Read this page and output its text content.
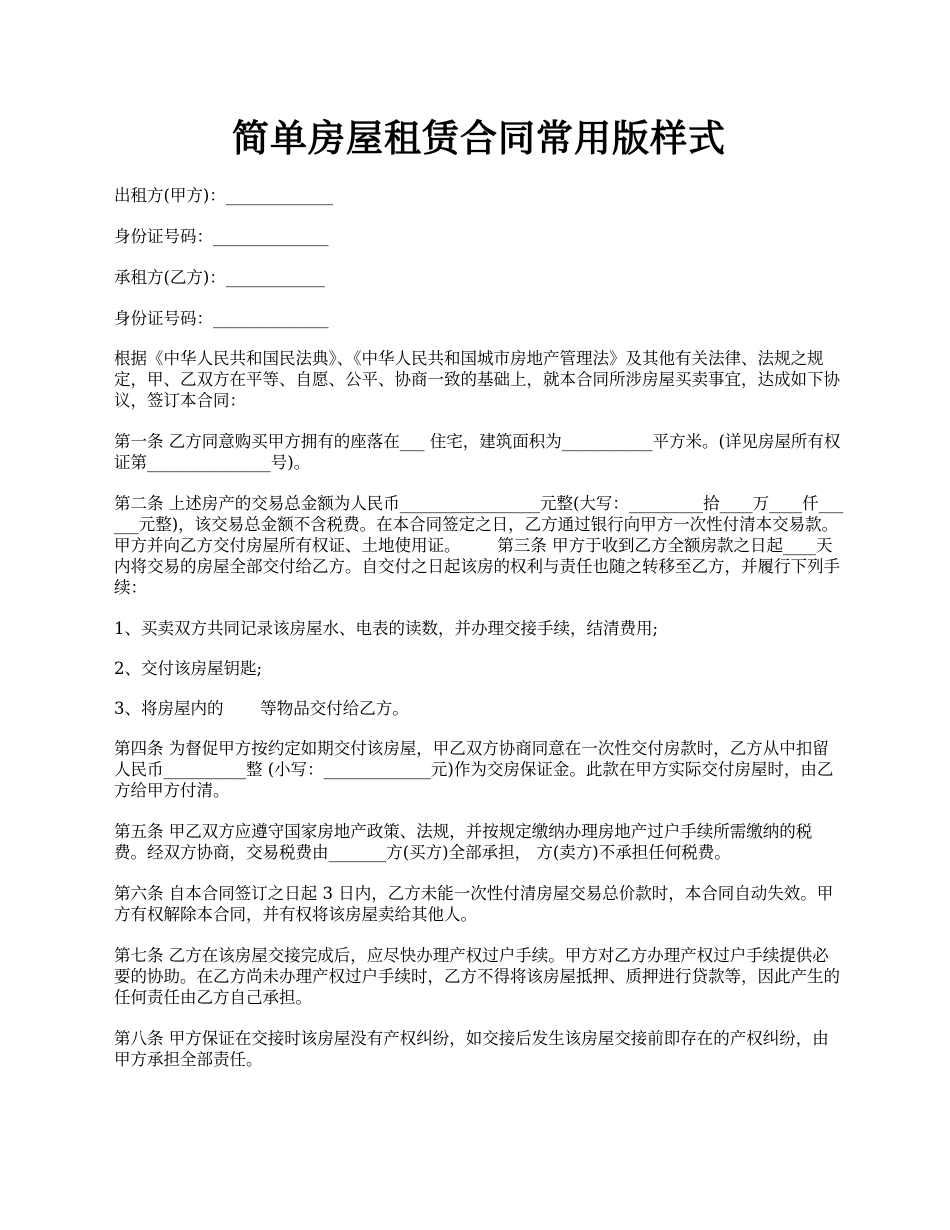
简单房屋租赁合同常用版样式
出租方(甲方)：_____________
身份证号码：______________
承租方(乙方)：____________
身份证号码：______________
根据《中华人民共和国民法典》、《中华人民共和国城市房地产管理法》及其他有关法律、法规之规定，甲、乙双方在平等、自愿、公平、协商一致的基础上，就本合同所涉房屋买卖事宜，达成如下协议，签订本合同：
第一条 乙方同意购买甲方拥有的座落在___ 住宅，建筑面积为___________平方米。(详见房屋所有权证第_______________号)。
第二条 上述房产的交易总金额为人民币_________________元整(大写：_________拾____万____仟______元整)，该交易总金额不含税费。在本合同签定之日，乙方通过银行向甲方一次性付清本交易款。甲方并向乙方交付房屋所有权证、土地使用证。       第三条 甲方于收到乙方全额房款之日起____天内将交易的房屋全部交付给乙方。自交付之日起该房的权利与责任也随之转移至乙方，并履行下列手续：
1、买卖双方共同记录该房屋水、电表的读数，并办理交接手续，结清费用;
2、交付该房屋钥匙;
3、将房屋内的       等物品交付给乙方。
第四条 为督促甲方按约定如期交付该房屋，甲乙双方协商同意在一次性交付房款时，乙方从中扣留人民币__________整 (小写：_____________元)作为交房保证金。此款在甲方实际交付房屋时，由乙方给甲方付清。
第五条 甲乙双方应遵守国家房地产政策、法规，并按规定缴纳办理房地产过户手续所需缴纳的税费。经双方协商，交易税费由_______方(买方)全部承担， 方(卖方)不承担任何税费。
第六条 自本合同签订之日起 3 日内，乙方未能一次性付清房屋交易总价款时，本合同自动失效。甲方有权解除本合同，并有权将该房屋卖给其他人。
第七条 乙方在该房屋交接完成后，应尽快办理产权过户手续。甲方对乙方办理产权过户手续提供必要的协助。在乙方尚未办理产权过户手续时，乙方不得将该房屋抵押、质押进行贷款等，因此产生的任何责任由乙方自己承担。
第八条 甲方保证在交接时该房屋没有产权纠纷，如交接后发生该房屋交接前即存在的产权纠纷，由甲方承担全部责任。
